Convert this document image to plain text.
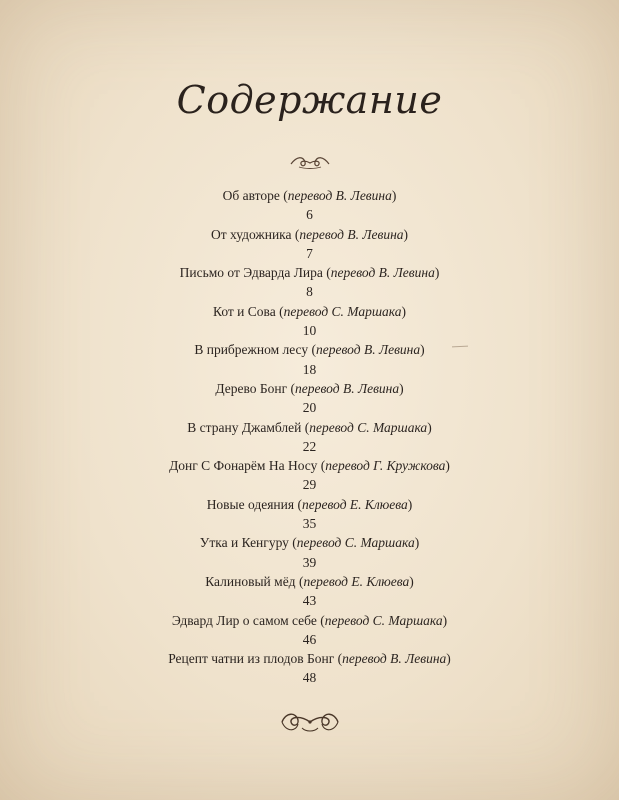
Содержание
Об авторе (перевод В. Левина)
6
От художника (перевод В. Левина)
7
Письмо от Эдварда Лира (перевод В. Левина)
8
Кот и Сова (перевод С. Маршака)
10
В прибрежном лесу (перевод В. Левина)
18
Дерево Бонг (перевод В. Левина)
20
В страну Джамблей (перевод С. Маршака)
22
Донг С Фонарём На Носу (перевод Г. Кружкова)
29
Новые одеяния (перевод Е. Клюева)
35
Утка и Кенгуру (перевод С. Маршака)
39
Калиновый мёд (перевод Е. Клюева)
43
Эдвард Лир о самом себе (перевод С. Маршака)
46
Рецепт чатни из плодов Бонг (перевод В. Левина)
48
